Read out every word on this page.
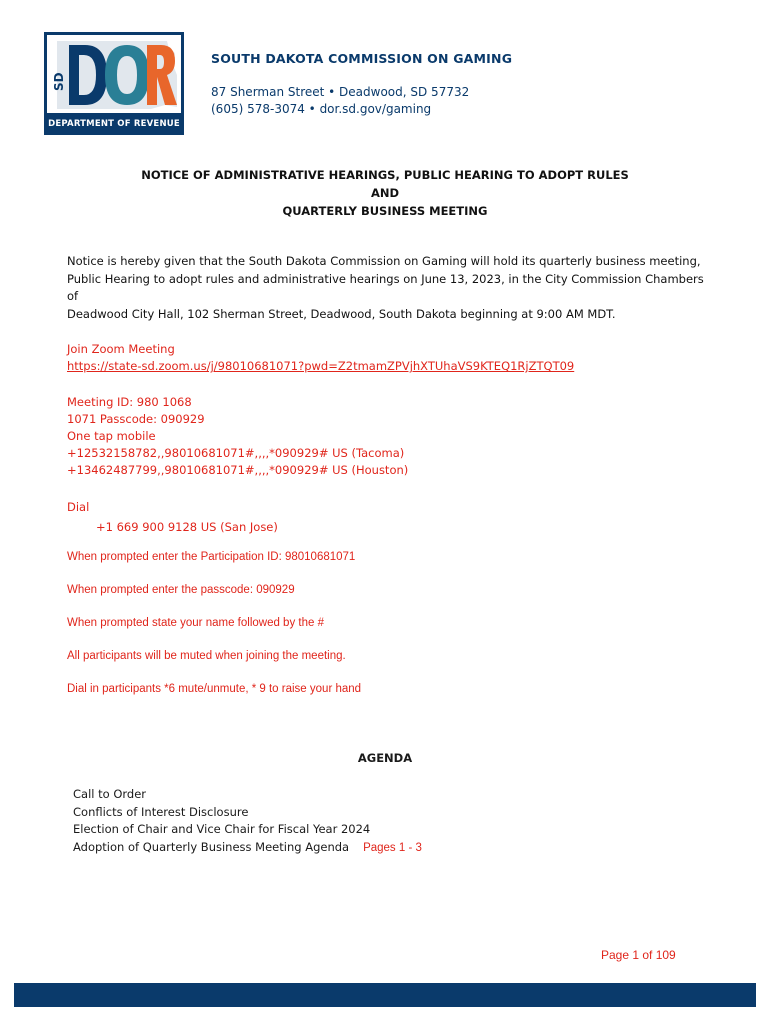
SD
DEPARTMENT OF REVENUE
SOUTH DAKOTA COMMISSION ON GAMING
87 Sherman Street • Deadwood, SD 57732
(605) 578-3074 • dor.sd.gov/gaming
NOTICE OF ADMINISTRATIVE HEARINGS, PUBLIC HEARING TO ADOPT RULES
AND
QUARTERLY BUSINESS MEETING
Notice is hereby given that the South Dakota Commission on Gaming will hold its quarterly business meeting,
Public Hearing to adopt rules and administrative hearings on June 13, 2023, in the City Commission Chambers of
Deadwood City Hall, 102 Sherman Street, Deadwood, South Dakota beginning at 9:00 AM MDT.
Join Zoom Meeting
https://state-sd.zoom.us/j/98010681071?pwd=Z2tmamZPVjhXTUhaVS9KTEQ1RjZTQT09
Meeting ID: 980 1068
1071 Passcode: 090929
One tap mobile
+12532158782,,98010681071#,,,,*090929# US (Tacoma)
+13462487799,,98010681071#,,,,*090929# US (Houston)
Dial
+1 669 900 9128 US (San Jose)
When prompted enter the Participation ID: 98010681071
When prompted enter the passcode: 090929
When prompted state your name followed by the #
All participants will be muted when joining the meeting.
Dial in participants *6 mute/unmute, * 9 to raise your hand
AGENDA
Call to Order
Conflicts of Interest Disclosure
Election of Chair and Vice Chair for Fiscal Year 2024
Adoption of Quarterly Business Meeting Agenda Pages 1 - 3
Page 1 of 109
